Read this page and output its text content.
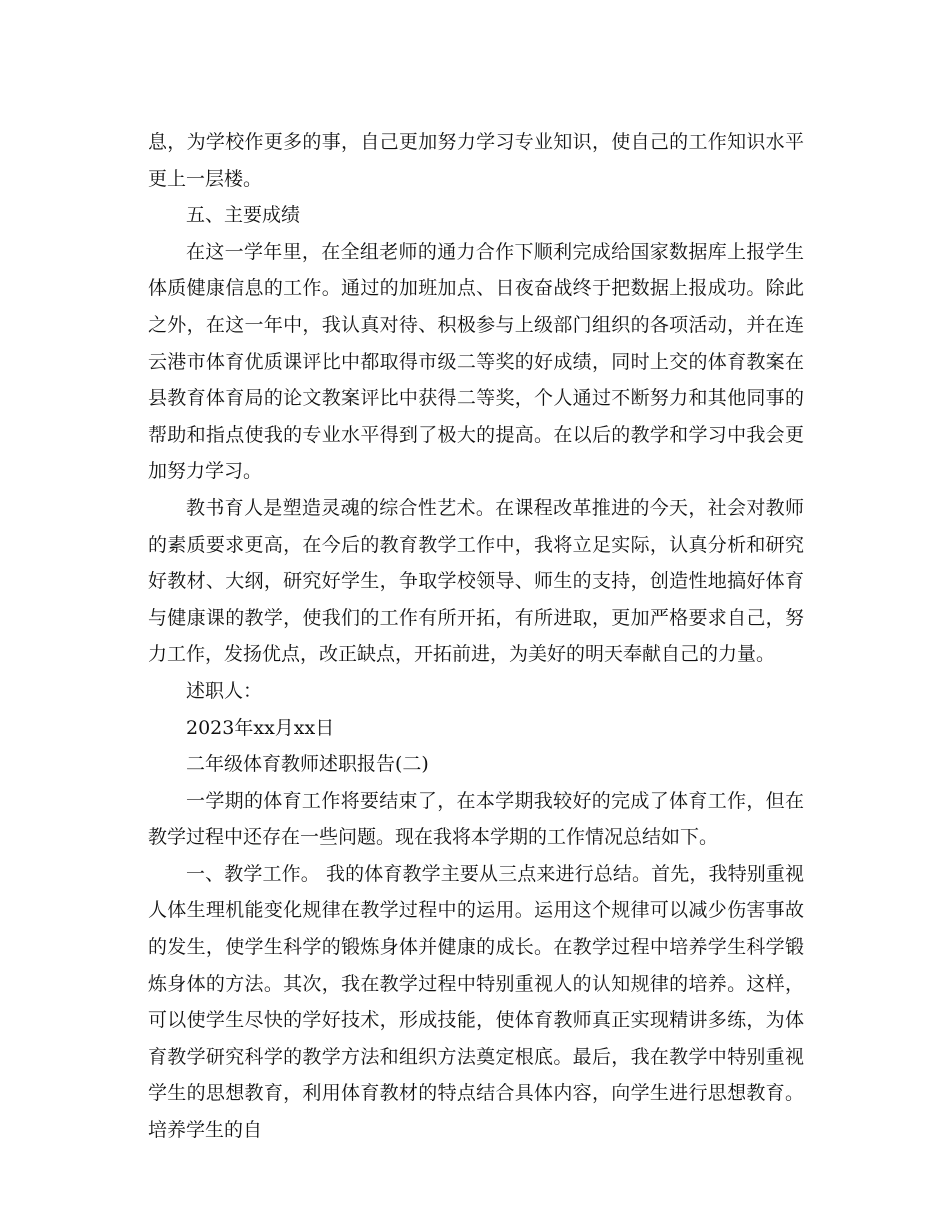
息，为学校作更多的事，自己更加努力学习专业知识，使自己的工作知识水平更上一层楼。

五、主要成绩

在这一学年里，在全组老师的通力合作下顺利完成给国家数据库上报学生体质健康信息的工作。通过的加班加点、日夜奋战终于把数据上报成功。除此之外，在这一年中，我认真对待、积极参与上级部门组织的各项活动，并在连云港市体育优质课评比中都取得市级二等奖的好成绩，同时上交的体育教案在县教育体育局的论文教案评比中获得二等奖，个人通过不断努力和其他同事的帮助和指点使我的专业水平得到了极大的提高。在以后的教学和学习中我会更加努力学习。

教书育人是塑造灵魂的综合性艺术。在课程改革推进的今天，社会对教师的素质要求更高，在今后的教育教学工作中，我将立足实际，认真分析和研究好教材、大纲，研究好学生，争取学校领导、师生的支持，创造性地搞好体育与健康课的教学，使我们的工作有所开拓，有所进取，更加严格要求自己，努力工作，发扬优点，改正缺点，开拓前进，为美好的明天奉献自己的力量。

述职人：

2023年xx月xx日

二年级体育教师述职报告(二)

一学期的体育工作将要结束了，在本学期我较好的完成了体育工作，但在教学过程中还存在一些问题。现在我将本学期的工作情况总结如下。

一、教学工作。 我的体育教学主要从三点来进行总结。首先，我特别重视人体生理机能变化规律在教学过程中的运用。运用这个规律可以减少伤害事故的发生，使学生科学的锻炼身体并健康的成长。在教学过程中培养学生科学锻炼身体的方法。其次，我在教学过程中特别重视人的认知规律的培养。这样，可以使学生尽快的学好技术，形成技能，使体育教师真正实现精讲多练，为体育教学研究科学的教学方法和组织方法奠定根底。最后，我在教学中特别重视学生的思想教育，利用体育教材的特点结合具体内容，向学生进行思想教育。培养学生的自
